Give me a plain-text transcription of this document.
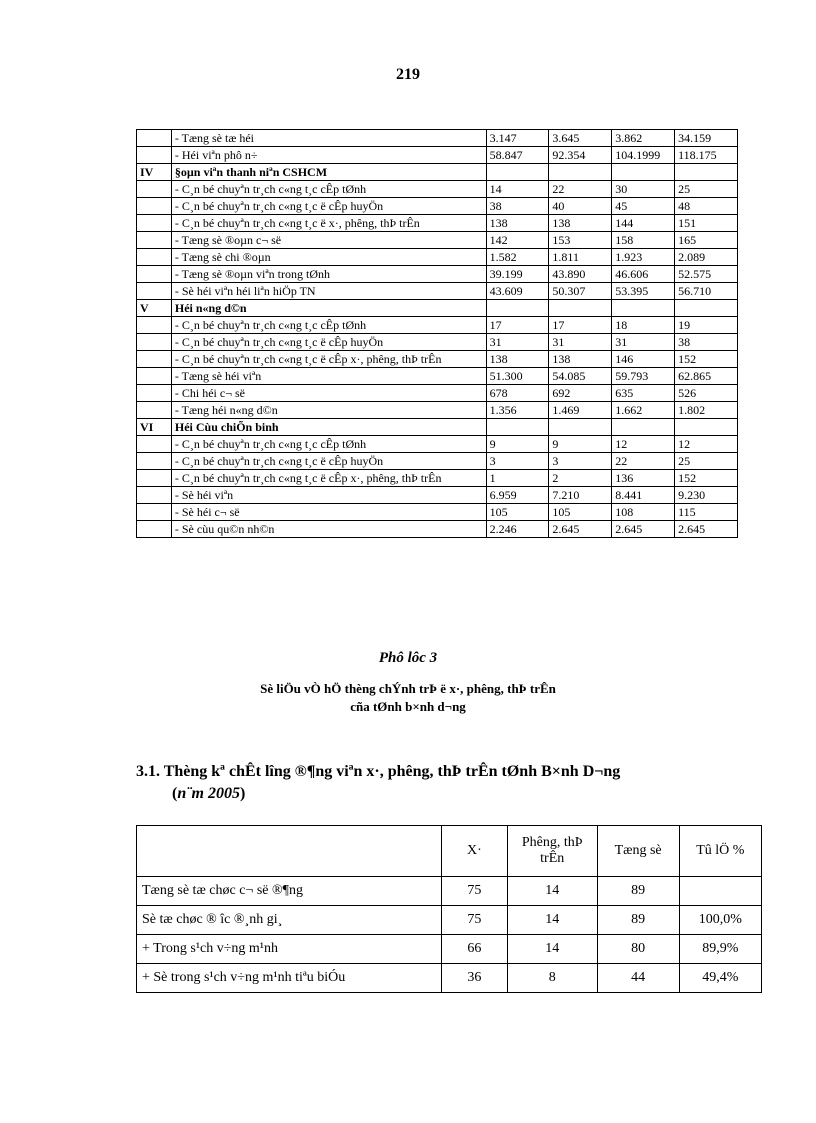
219
	- Tæng sè tæ héi	3.147	3.645	3.862	34.159
	- Héi viªn phô n÷	58.847	92.354	104.1999	118.175
IV	§oµn viªn thanh niªn CSHCM				
	- C¸n bé chuyªn tr¸ch c«ng t¸c cÊp tØnh	14	22	30	25
	- C¸n bé chuyªn tr¸ch c«ng t¸c ë cÊp huyÖn	38	40	45	48
	- C¸n bé chuyªn tr¸ch c«ng t¸c ë x·, phêng, thÞ trÊn	138	138	144	151
	- Tæng sè ®oµn c¬ së	142	153	158	165
	- Tæng sè chi ®oµn	1.582	1.811	1.923	2.089
	- Tæng sè ®oµn viªn trong tØnh	39.199	43.890	46.606	52.575
	- Sè héi viªn héi liªn hiÖp TN	43.609	50.307	53.395	56.710
V	Héi n«ng d©n				
	- C¸n bé chuyªn tr¸ch c«ng t¸c cÊp tØnh	17	17	18	19
	- C¸n bé chuyªn tr¸ch c«ng t¸c ë cÊp huyÖn	31	31	31	38
	- C¸n bé chuyªn tr¸ch c«ng t¸c ë cÊp x·, phêng, thÞ trÊn	138	138	146	152
	- Tæng sè héi viªn	51.300	54.085	59.793	62.865
	- Chi héi c¬ së	678	692	635	526
	- Tæng héi n«ng d©n	1.356	1.469	1.662	1.802
VI	Héi Cùu chiÕn binh				
	- C¸n bé chuyªn tr¸ch c«ng t¸c cÊp tØnh	9	9	12	12
	- C¸n bé chuyªn tr¸ch c«ng t¸c ë cÊp huyÖn	3	3	22	25
	- C¸n bé chuyªn tr¸ch c«ng t¸c ë cÊp x·, phêng, thÞ trÊn	1	2	136	152
	- Sè héi viªn	6.959	7.210	8.441	9.230
	- Sè héi c¬ së	105	105	108	115
	- Sè cùu qu©n nh©n	2.246	2.645	2.645	2.645
Phô lôc 3
Sè liÖu vÒ hÖ thèng chÝnh trÞ ë x·, phêng, thÞ trÊn
cña tØnh b×nh d¬ng
3.1. Thèng kª chÊt lîng ®¶ng viªn x·, phêng, thÞ trÊn tØnh B×nh D¬ng
(n¨m 2005)
	X·	Phêng, thÞ trÊn	Tæng sè	Tû lÖ %
Tæng sè tæ chøc c¬ së ®¶ng	75	14	89	
Sè tæ chøc ® îc ®¸nh gi¸	75	14	89	100,0%
+ Trong s¹ch v÷ng m¹nh	66	14	80	89,9%
+ Sè trong s¹ch v÷ng m¹nh tiªu biÓu	36	8	44	49,4%
